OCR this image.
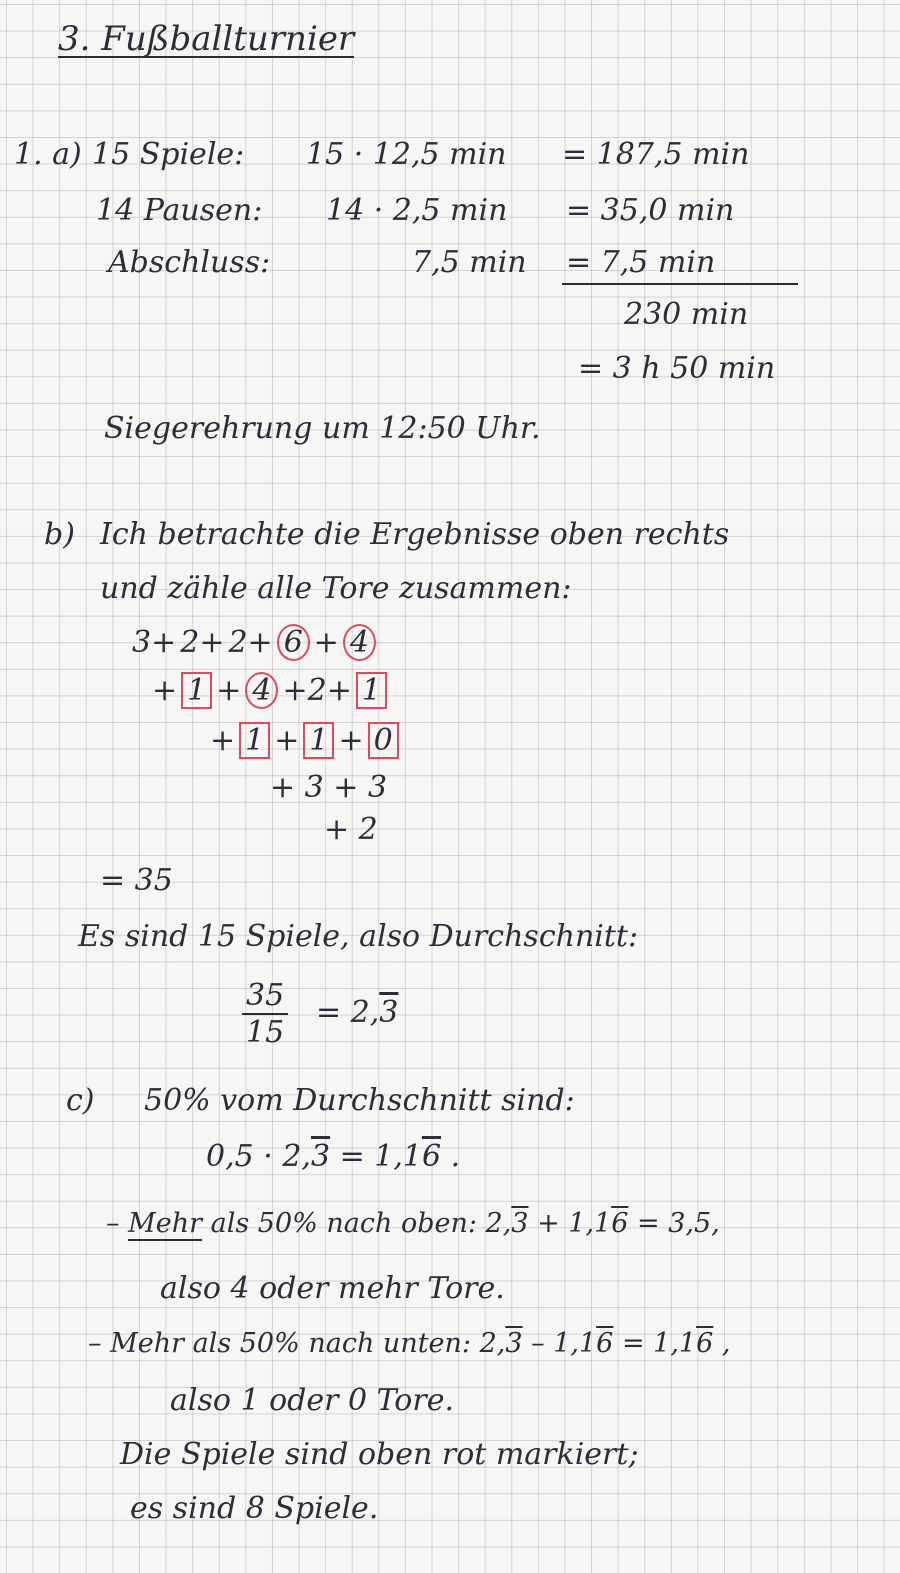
3. Fußballturnier
1. a) 15 Spiele: 15 · 12,5 min = 187,5 min
14 Pausen: 14 · 2,5 min = 35,0 min
Abschluss:	7,5 min = 7,5 min
230 min
= 3 h 50 min
Siegerehrung um 12:50 Uhr.
b) Ich betrachte die Ergebnisse oben rechts
und zähle alle Tore zusammen:
3+ 2+ 2+ 6 + 4
+ 1 + 4 +2+ 1
+ 1 + 1 + 0
+ 3 + 3
+ 2
= 35
Es sind 15 Spiele, also Durchschnitt:
$\frac{35}{15} = 2,3$
c) 50% vom Durchschnitt sind:
0,5 · 2,3 = 1,16 .
– Mehr als 50% nach oben: 2,3 + 1,16 = 3,5,
also 4 oder mehr Tore.
– Mehr als 50% nach unten: 2,3 – 1,16 = 1,16 ,
also 1 oder 0 Tore.
Die Spiele sind oben rot markiert;
es sind 8 Spiele.
